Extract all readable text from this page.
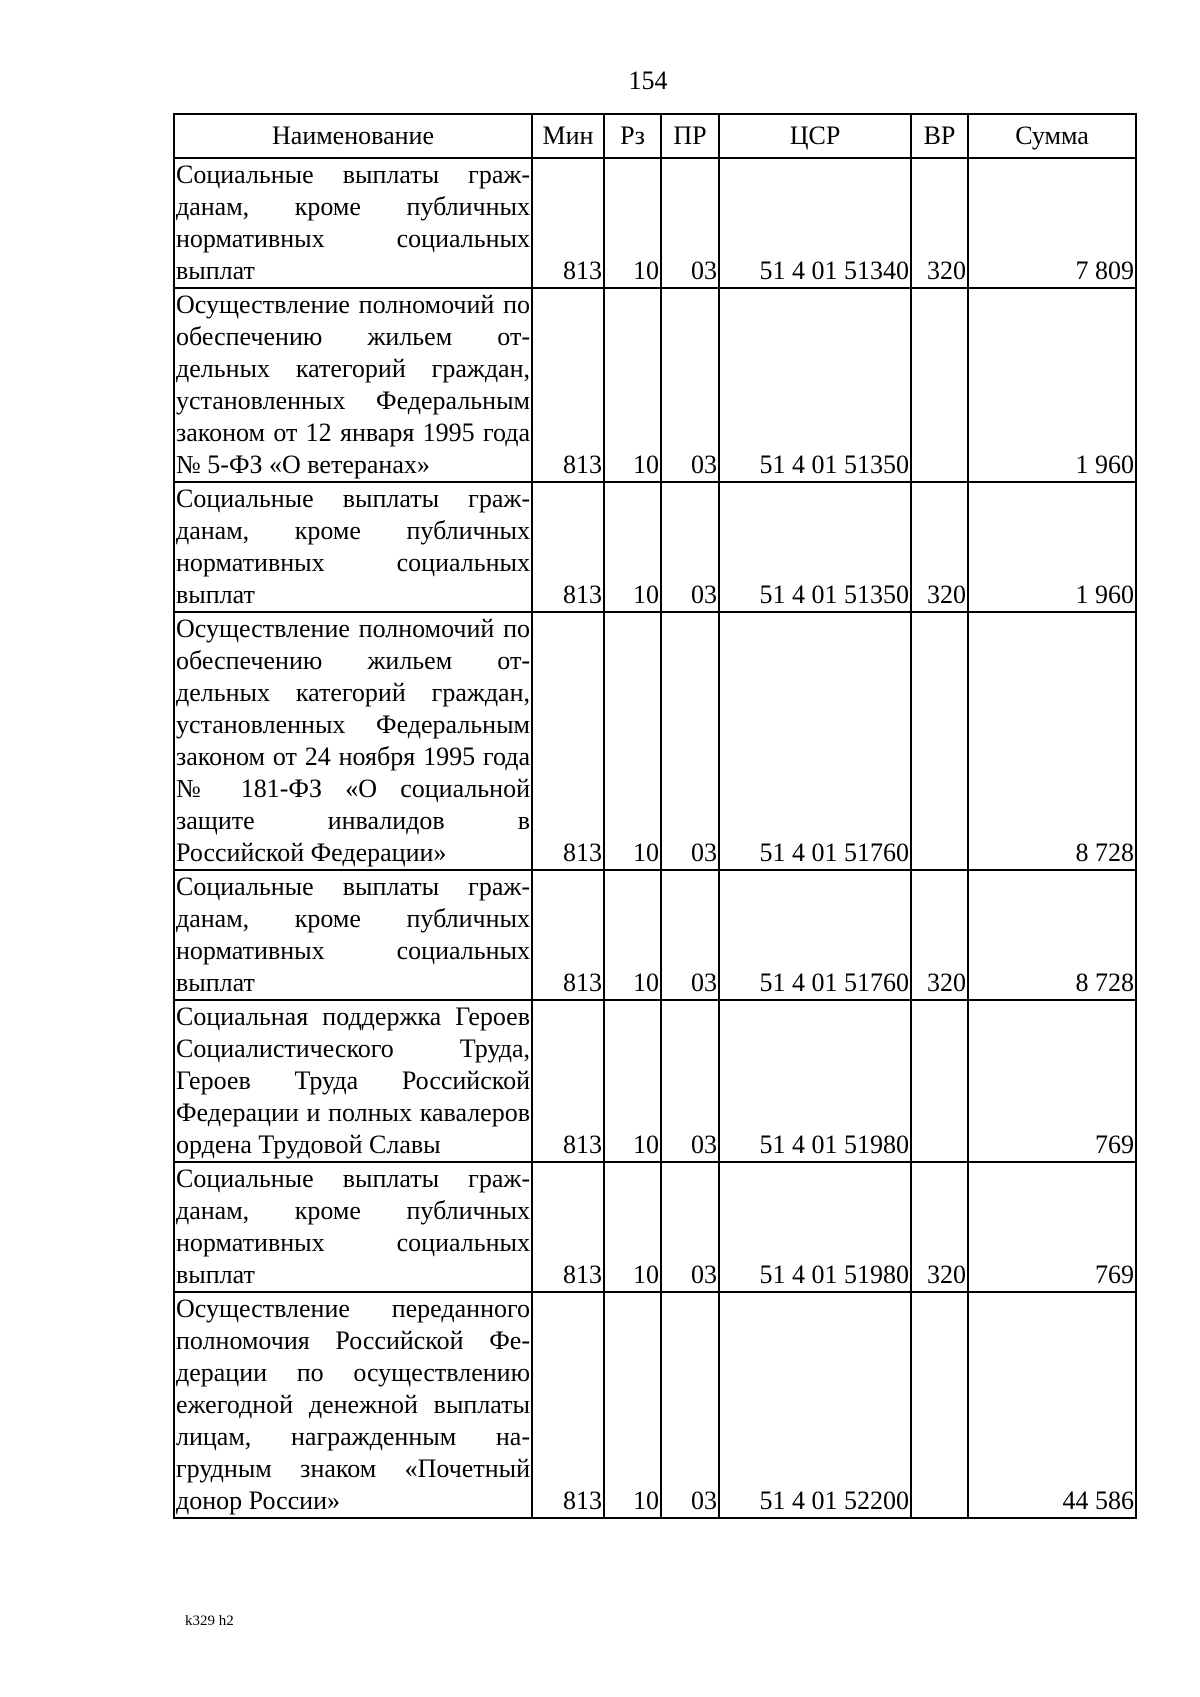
154
Наименование	Мин	Рз	ПР	ЦСР	ВР	Сумма
Социальные выплаты гражданам, кроме публичных нормативных социальных выплат	813	10	03	51 4 01 51340	320	7 809
Осуществление полномочий по обеспечению жильем отдельных категорий граждан, установленных Федеральным законом от 12 января 1995 года № 5-ФЗ «О ветеранах»	813	10	03	51 4 01 51350		1 960
Социальные выплаты гражданам, кроме публичных нормативных социальных выплат	813	10	03	51 4 01 51350	320	1 960
Осуществление полномочий по обеспечению жильем отдельных категорий граждан, установленных Федеральным законом от 24 ноября 1995 года № 181-ФЗ «О социальной защите инвалидов в Российской Федерации»	813	10	03	51 4 01 51760		8 728
Социальные выплаты гражданам, кроме публичных нормативных социальных выплат	813	10	03	51 4 01 51760	320	8 728
Социальная поддержка Героев Социалистического Труда, Героев Труда Российской Федерации и полных кавалеров ордена Трудовой Славы	813	10	03	51 4 01 51980		769
Социальные выплаты гражданам, кроме публичных нормативных социальных выплат	813	10	03	51 4 01 51980	320	769
Осуществление переданного полномочия Российской Федерации по осуществлению ежегодной денежной выплаты лицам, награжденным нагрудным знаком «Почетный донор России»	813	10	03	51 4 01 52200		44 586
k329 h2
